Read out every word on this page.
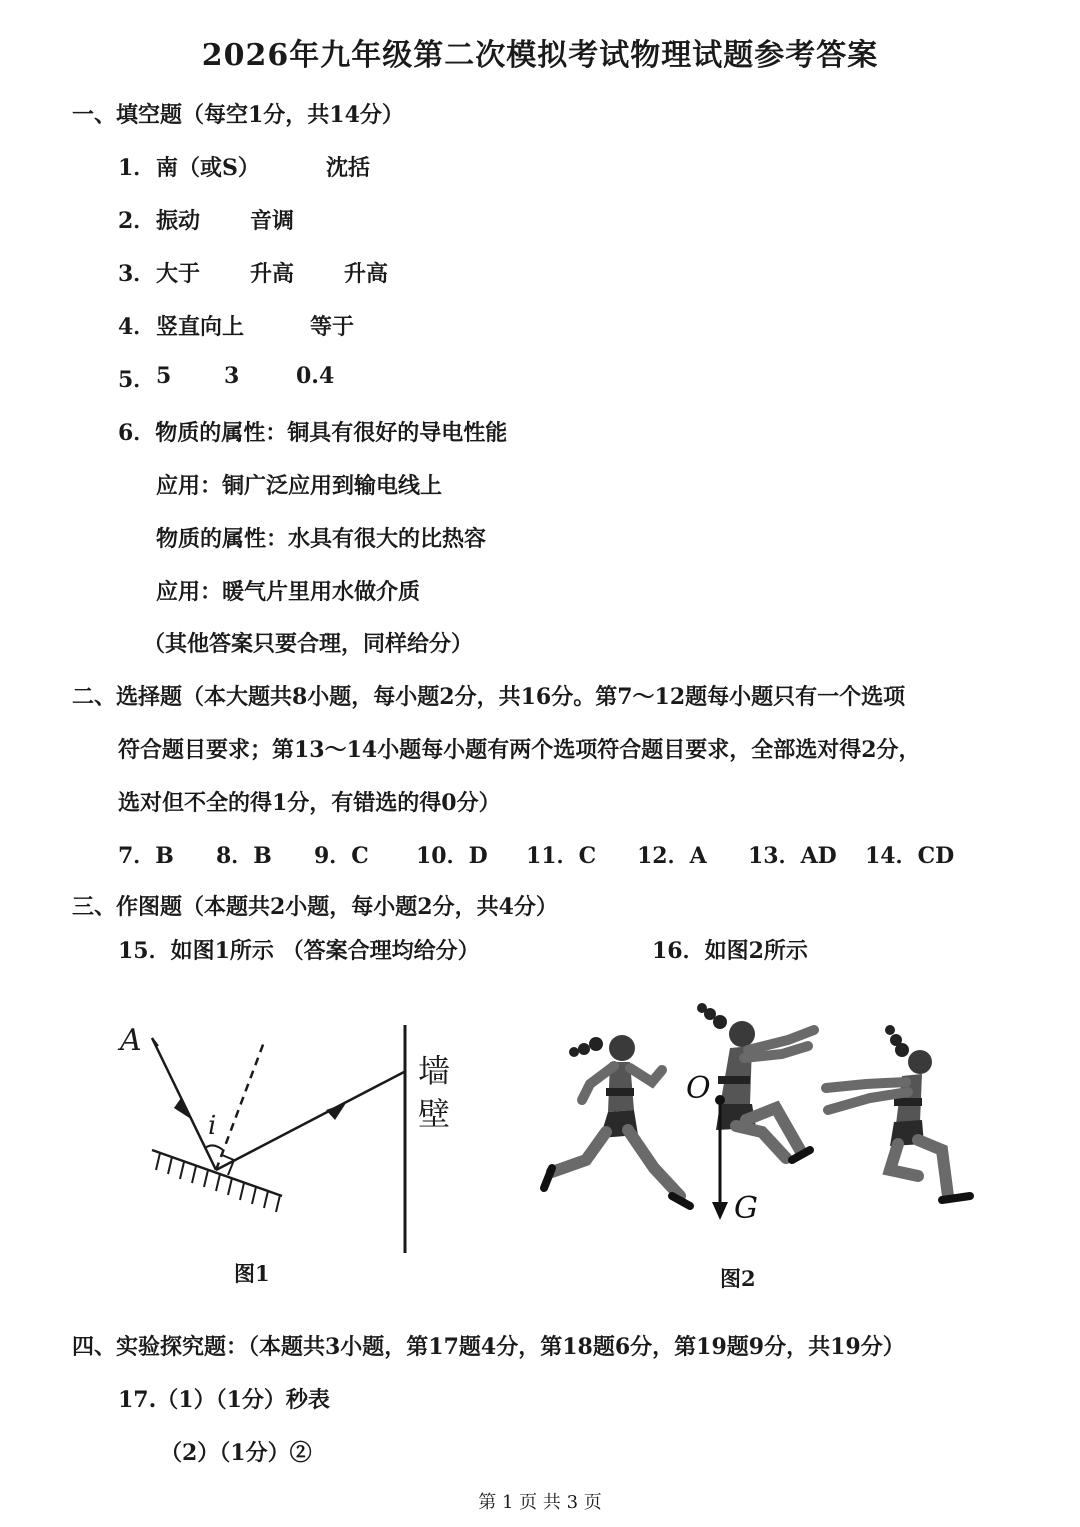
2026年九年级第二次模拟考试物理试题参考答案
一、填空题（每空1分，共14分）
1． 南（或S）	沈括
2． 振动 音调
3． 大于 升高 升高
4． 竖直向上	等于
5． 5 3	0.4
6．物质的属性：铜具有很好的导电性能
应用：铜广泛应用到输电线上
物质的属性：水具有很大的比热容
应用：暖气片里用水做介质
（其他答案只要合理，同样给分）
二、选择题（本大题共8小题，每小题2分，共16分。第7～12题每小题只有一个选项
符合题目要求；第13～14小题每小题有两个选项符合题目要求，全部选对得2分，
选对但不全的得1分，有错选的得0分）
7．B 8．B 9．C 10．D 11．C 12．A 13．AD 14．CD
三、作图题（本题共2小题，每小题2分，共4分）
15．如图1所示 （答案合理均给分）	16．如图2所示
A
i
墙
壁
图1
O
G
图2
四、实验探究题：（本题共3小题，第17题4分，第18题6分，第19题9分，共19分）
17.（1）（1分）秒表
（2）（1分）②
第 1 页 共 3 页
